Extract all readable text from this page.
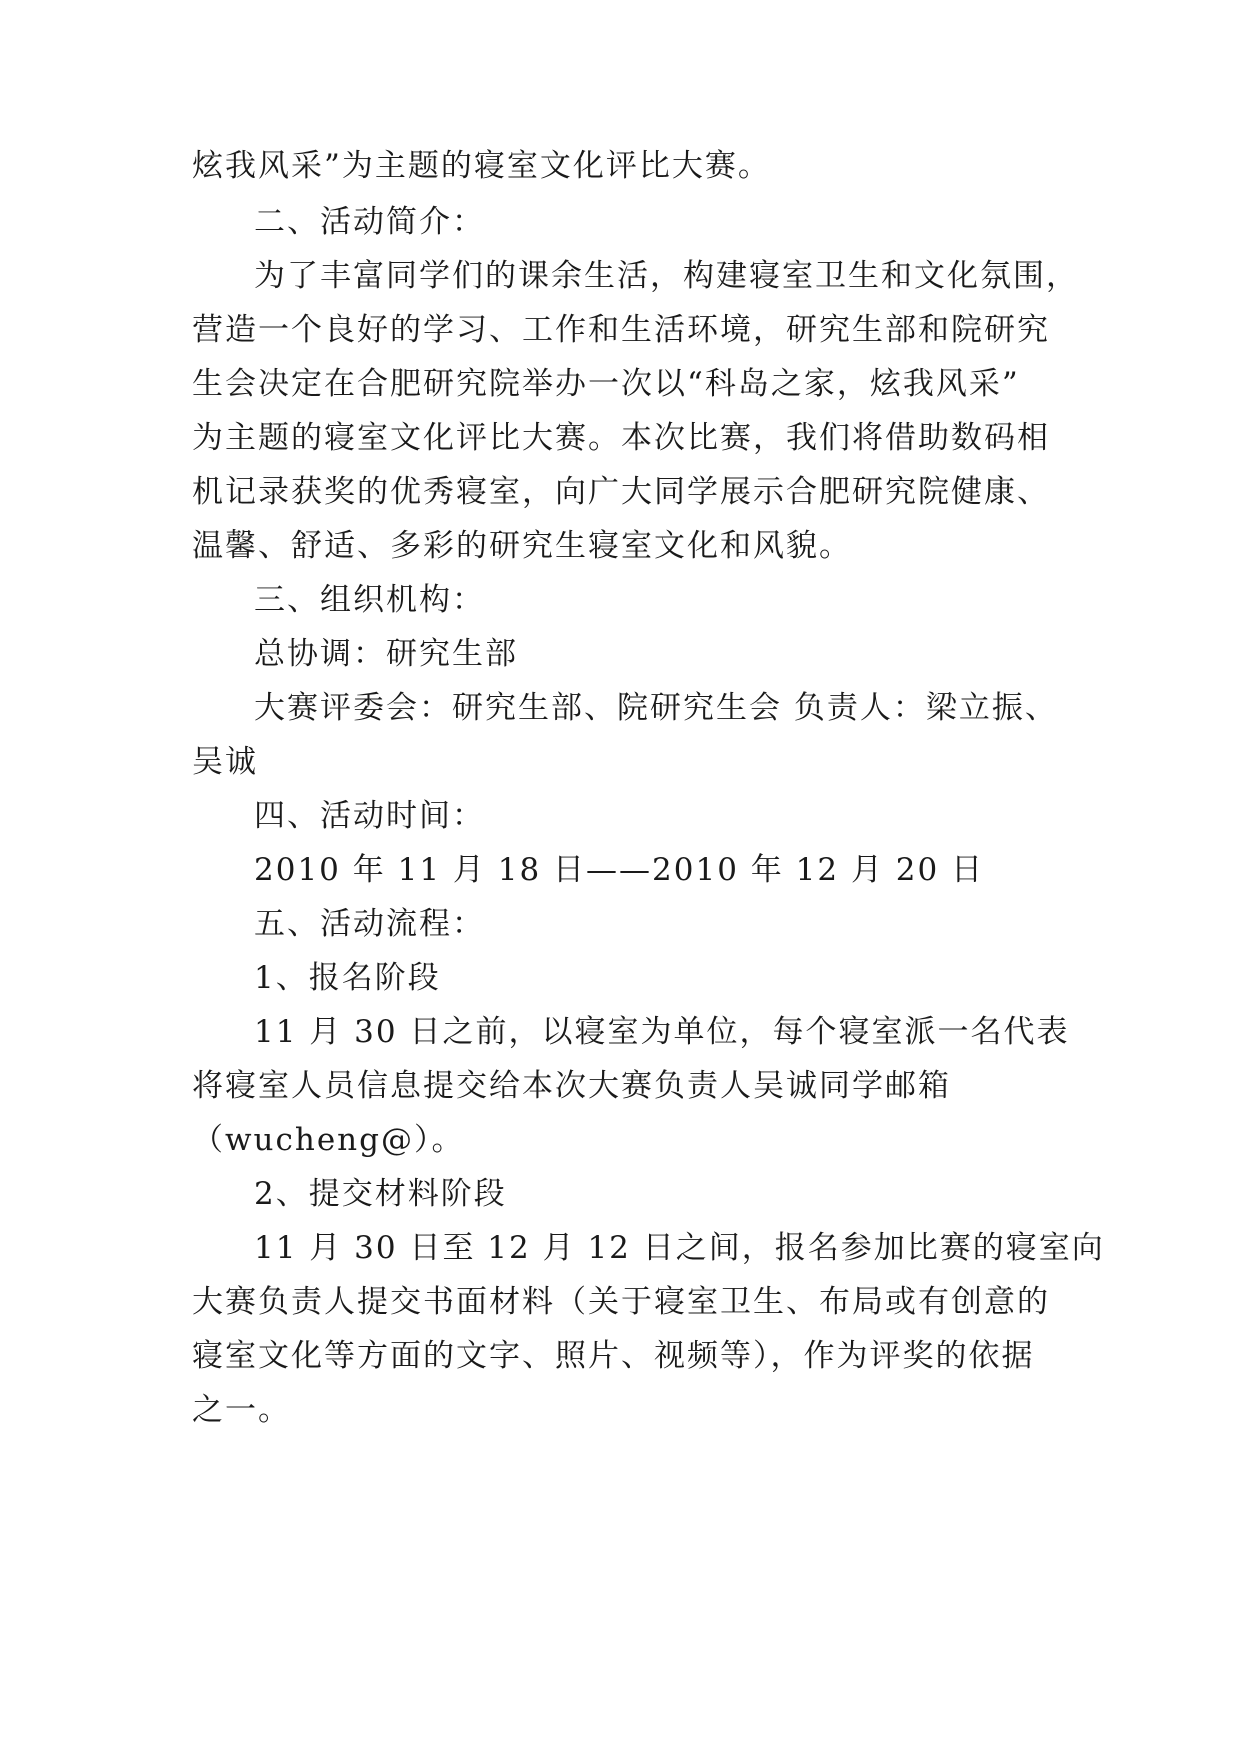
炫我风采”为主题的寝室文化评比大赛。
二、活动简介：
为了丰富同学们的课余生活，构建寝室卫生和文化氛围，
营造一个良好的学习、工作和生活环境，研究生部和院研究
生会决定在合肥研究院举办一次以“科岛之家，炫我风采”
为主题的寝室文化评比大赛。本次比赛，我们将借助数码相
机记录获奖的优秀寝室，向广大同学展示合肥研究院健康、
温馨、舒适、多彩的研究生寝室文化和风貌。
三、组织机构：
总协调：研究生部
大赛评委会：研究生部、院研究生会 负责人：梁立振、
吴诚
四、活动时间：
2010 年 11 月 18 日——2010 年 12 月 20 日
五、活动流程：
1、报名阶段
11 月 30 日之前，以寝室为单位，每个寝室派一名代表
将寝室人员信息提交给本次大赛负责人吴诚同学邮箱
（wucheng@）。
2、提交材料阶段
11 月 30 日至 12 月 12 日之间，报名参加比赛的寝室向
大赛负责人提交书面材料（关于寝室卫生、布局或有创意的
寝室文化等方面的文字、照片、视频等），作为评奖的依据
之一。
